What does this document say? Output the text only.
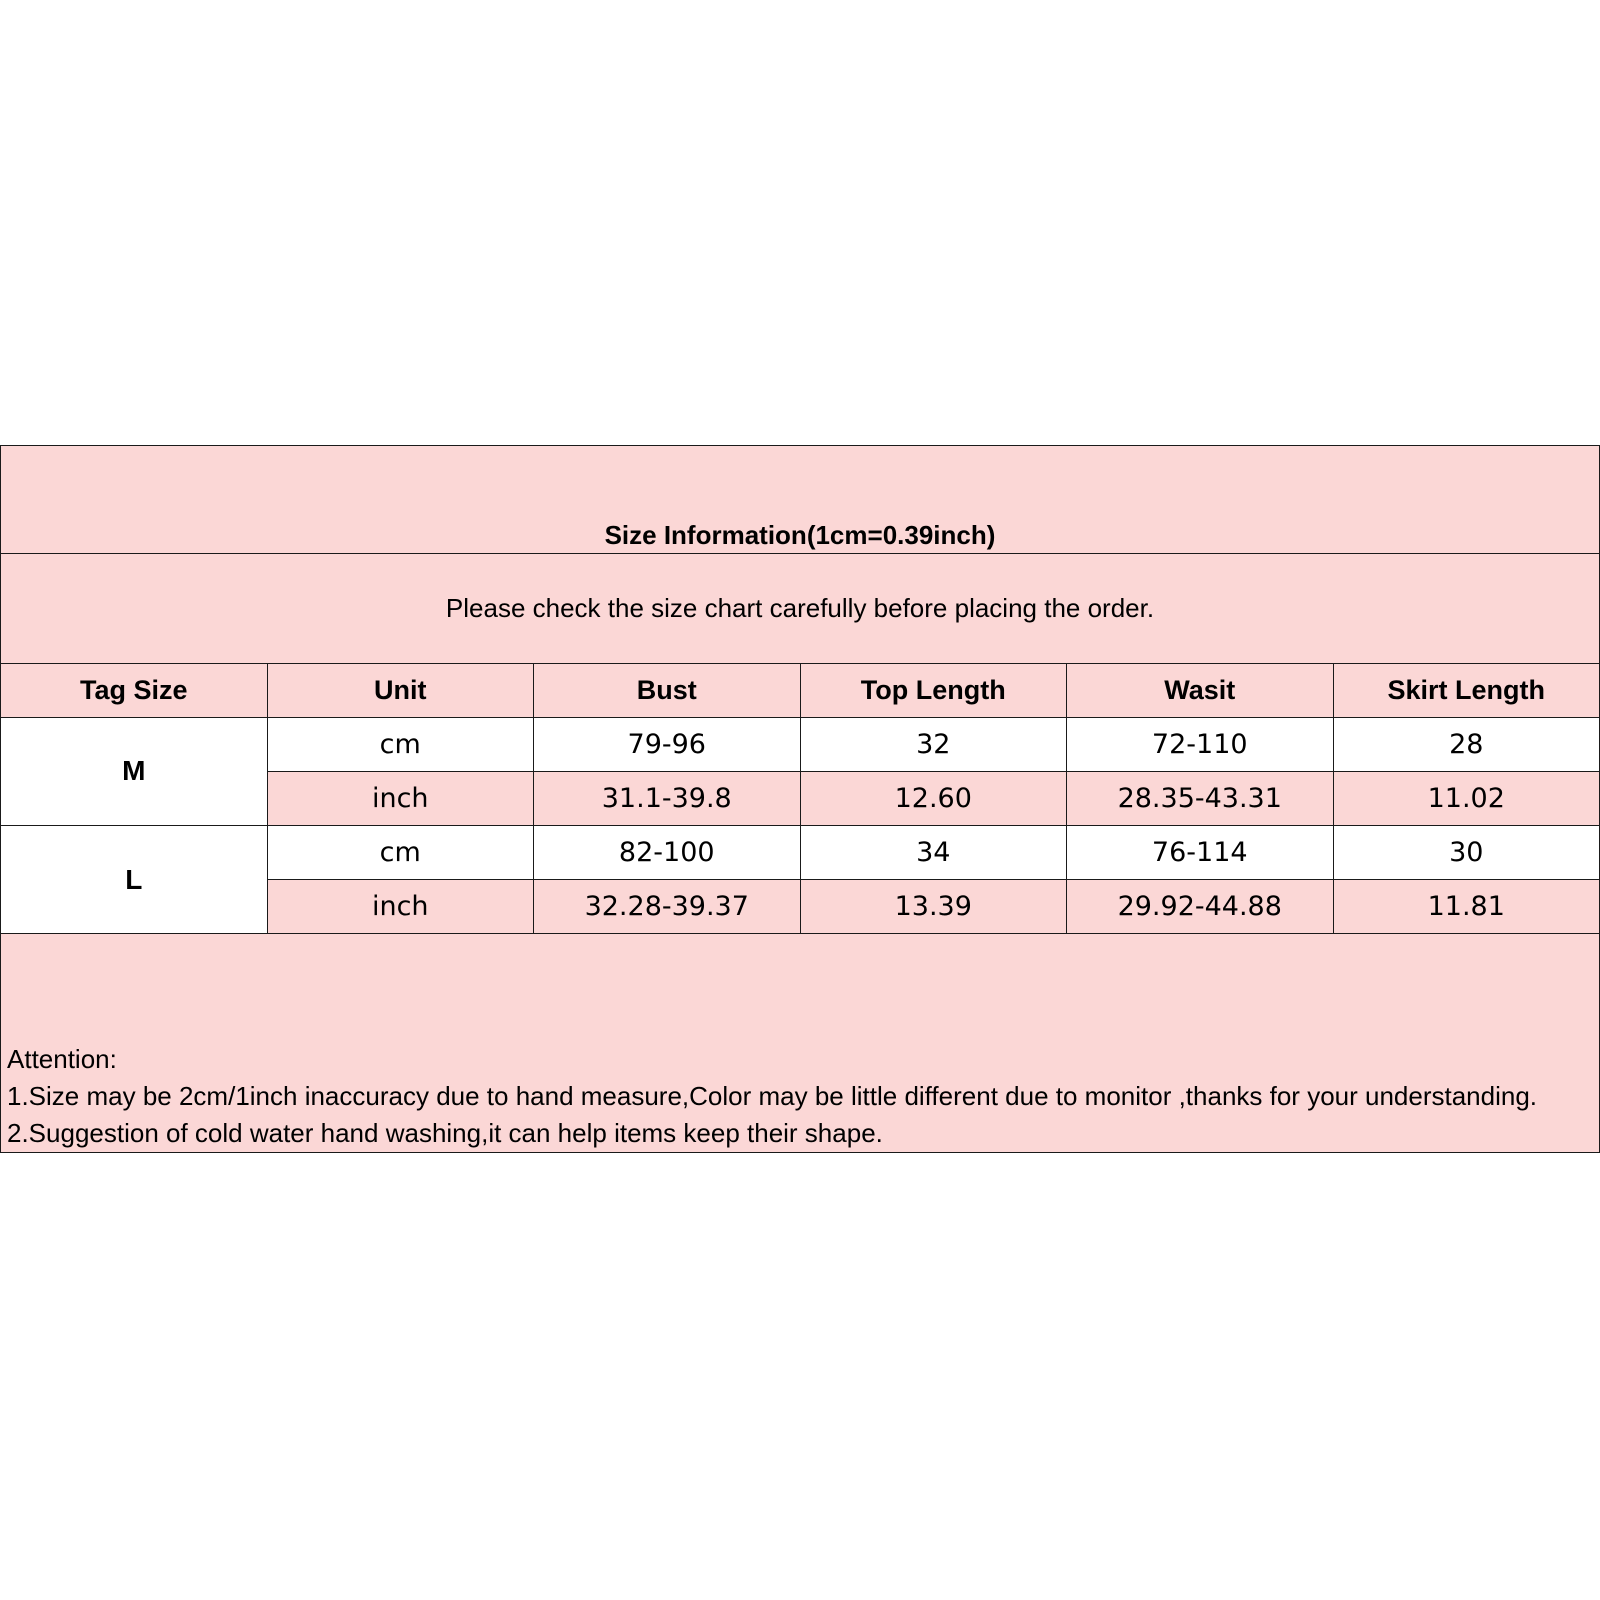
Size Information(1cm=0.39inch)					

Please check the size chart carefully before placing the order.					
Tag Size	Unit	Bust	Top Length	Wasit	Skirt Length
M	cm	79-96	32	72-110	28
	inch	31.1-39.8	12.60	28.35-43.31	11.02
L	cm	82-100	34	76-114	30
	inch	32.28-39.37	13.39	29.92-44.88	11.81

Attention:
1.Size may be 2cm/1inch inaccuracy due to hand measure,Color may be little different due to monitor ,thanks for your understanding.
2.Suggestion of cold water hand washing,it can help items keep their shape.					
